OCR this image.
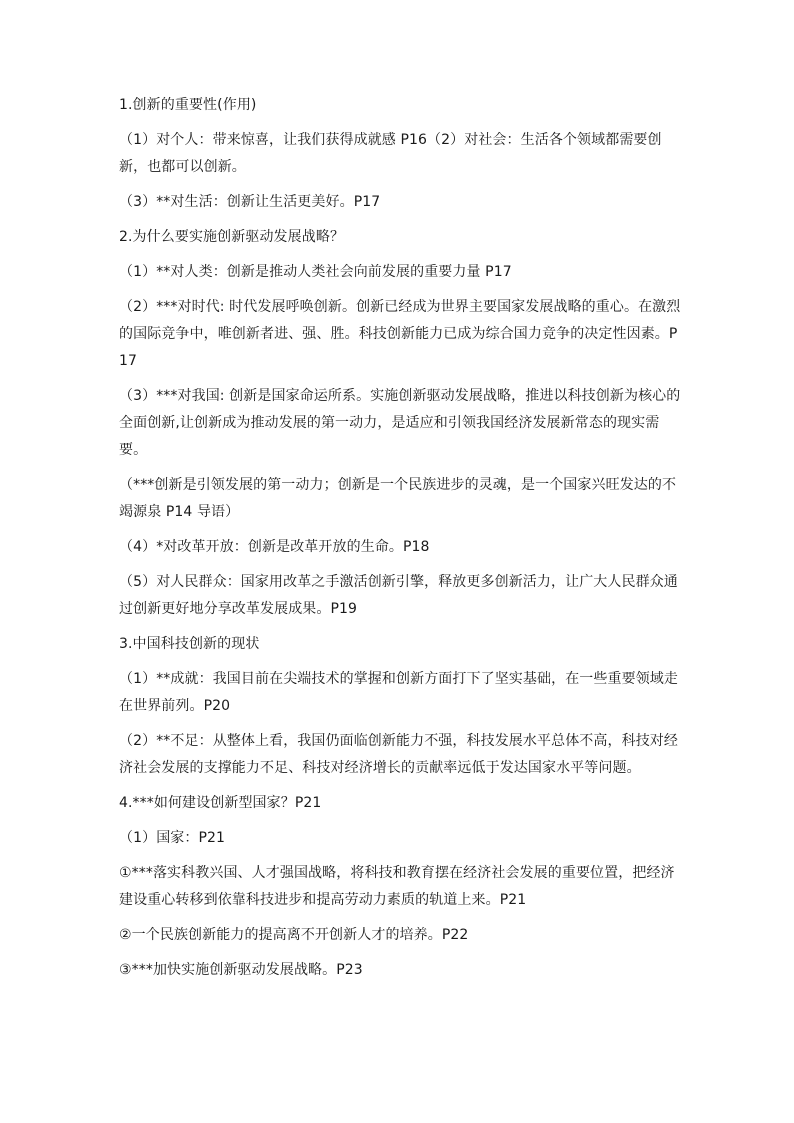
1.创新的重要性(作用)

（1）对个人：带来惊喜，让我们获得成就感 P16（2）对社会：生活各个领域都需要创新，也都可以创新。

（3）**对生活：创新让生活更美好。P17

2.为什么要实施创新驱动发展战略？

（1）**对人类：创新是推动人类社会向前发展的重要力量 P17

（2）***对时代: 时代发展呼唤创新。创新已经成为世界主要国家发展战略的重心。在激烈的国际竞争中，唯创新者进、强、胜。科技创新能力已成为综合国力竞争的决定性因素。P17

（3）***对我国: 创新是国家命运所系。实施创新驱动发展战略，推进以科技创新为核心的全面创新,让创新成为推动发展的第一动力，是适应和引领我国经济发展新常态的现实需要。

（***创新是引领发展的第一动力；创新是一个民族进步的灵魂，是一个国家兴旺发达的不竭源泉 P14 导语）

（4）*对改革开放：创新是改革开放的生命。P18

（5）对人民群众：国家用改革之手激活创新引擎，释放更多创新活力，让广大人民群众通过创新更好地分享改革发展成果。P19

3.中国科技创新的现状

（1）**成就：我国目前在尖端技术的掌握和创新方面打下了坚实基础，在一些重要领域走在世界前列。P20

（2）**不足：从整体上看，我国仍面临创新能力不强，科技发展水平总体不高，科技对经济社会发展的支撑能力不足、科技对经济增长的贡献率远低于发达国家水平等问题。

4.***如何建设创新型国家？P21

（1）国家：P21

①***落实科教兴国、人才强国战略，将科技和教育摆在经济社会发展的重要位置，把经济建设重心转移到依靠科技进步和提高劳动力素质的轨道上来。P21

②一个民族创新能力的提高离不开创新人才的培养。P22

③***加快实施创新驱动发展战略。P23
